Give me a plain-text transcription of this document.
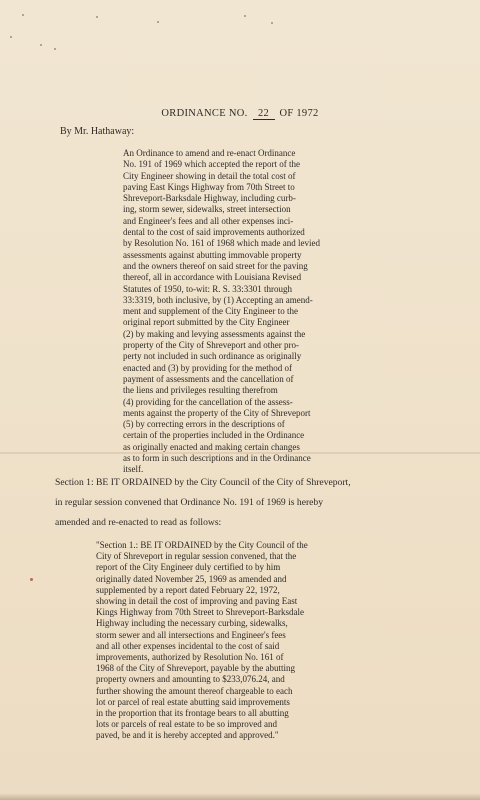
ORDINANCE NO. 22 OF 1972
By Mr. Hathaway:
An Ordinance to amend and re-enact Ordinance
No. 191 of 1969 which accepted the report of the
City Engineer showing in detail the total cost of
paving East Kings Highway from 70th Street to
Shreveport-Barksdale Highway, including curb-
ing, storm sewer, sidewalks, street intersection
and Engineer's fees and all other expenses inci-
dental to the cost of said improvements authorized
by Resolution No. 161 of 1968 which made and levied
assessments against abutting immovable property
and the owners thereof on said street for the paving
thereof, all in accordance with Louisiana Revised
Statutes of 1950, to-wit: R. S. 33:3301 through
33:3319, both inclusive, by (1) Accepting an amend-
ment and supplement of the City Engineer to the
original report submitted by the City Engineer
(2) by making and levying assessments against the
property of the City of Shreveport and other pro-
perty not included in such ordinance as originally
enacted and (3) by providing for the method of
payment of assessments and the cancellation of
the liens and privileges resulting therefrom
(4) providing for the cancellation of the assess-
ments against the property of the City of Shreveport
(5) by correcting errors in the descriptions of
certain of the properties included in the Ordinance
as originally enacted and making certain changes
as to form in such descriptions and in the Ordinance
itself.
Section 1: BE IT ORDAINED by the City Council of the City of Shreveport,
in regular session convened that Ordinance No. 191 of 1969 is hereby
amended and re-enacted to read as follows:
"Section 1.: BE IT ORDAINED by the City Council of the
City of Shreveport in regular session convened, that the
report of the City Engineer duly certified to by him
originally dated November 25, 1969 as amended and
supplemented by a report dated February 22, 1972,
showing in detail the cost of improving and paving East
Kings Highway from 70th Street to Shreveport-Barksdale
Highway including the necessary curbing, sidewalks,
storm sewer and all intersections and Engineer's fees
and all other expenses incidental to the cost of said
improvements, authorized by Resolution No. 161 of
1968 of the City of Shreveport, payable by the abutting
property owners and amounting to $233,076.24, and
further showing the amount thereof chargeable to each
lot or parcel of real estate abutting said improvements
in the proportion that its frontage bears to all abutting
lots or parcels of real estate to be so improved and
paved, be and it is hereby accepted and approved."
